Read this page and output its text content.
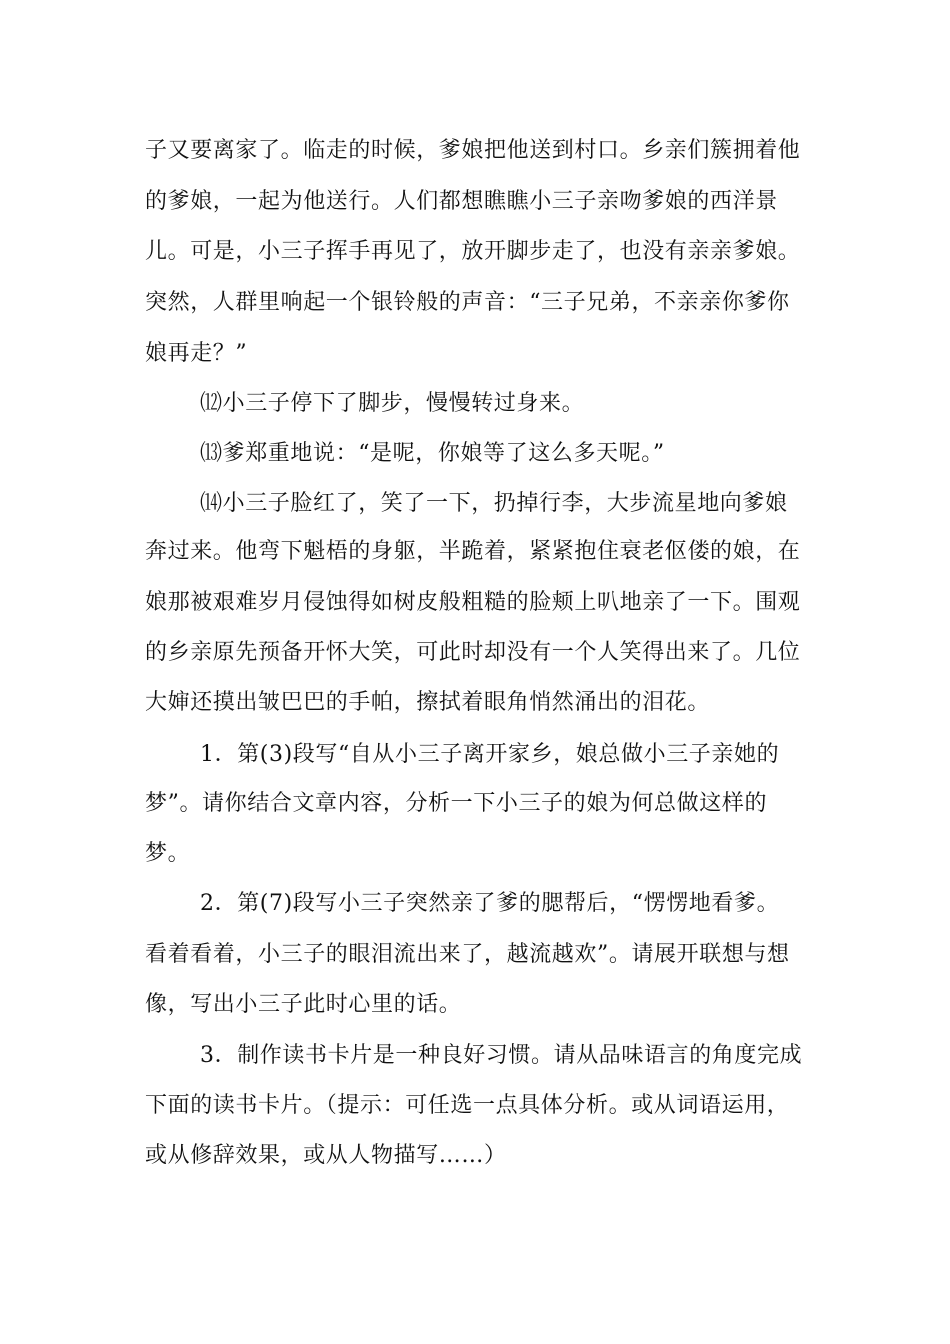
子又要离家了。临走的时候，爹娘把他送到村口。乡亲们簇拥着他
的爹娘，一起为他送行。人们都想瞧瞧小三子亲吻爹娘的西洋景
儿。可是，小三子挥手再见了，放开脚步走了，也没有亲亲爹娘。
突然，人群里响起一个银铃般的声音：“三子兄弟，不亲亲你爹你
娘再走？”
⑿小三子停下了脚步，慢慢转过身来。
⒀爹郑重地说：“是呢，你娘等了这么多天呢。”
⒁小三子脸红了，笑了一下，扔掉行李，大步流星地向爹娘
奔过来。他弯下魁梧的身躯，半跪着，紧紧抱住衰老伛偻的娘，在
娘那被艰难岁月侵蚀得如树皮般粗糙的脸颊上叭地亲了一下。围观
的乡亲原先预备开怀大笑，可此时却没有一个人笑得出来了。几位
大婶还摸出皱巴巴的手帕，擦拭着眼角悄然涌出的泪花。
1．第(3)段写“自从小三子离开家乡，娘总做小三子亲她的
梦”。请你结合文章内容，分析一下小三子的娘为何总做这样的
梦。
2．第(7)段写小三子突然亲了爹的腮帮后，“愣愣地看爹。
看着看着，小三子的眼泪流出来了，越流越欢”。请展开联想与想
像，写出小三子此时心里的话。
3．制作读书卡片是一种良好习惯。请从品味语言的角度完成
下面的读书卡片。（提示：可任选一点具体分析。或从词语运用，
或从修辞效果，或从人物描写……）
